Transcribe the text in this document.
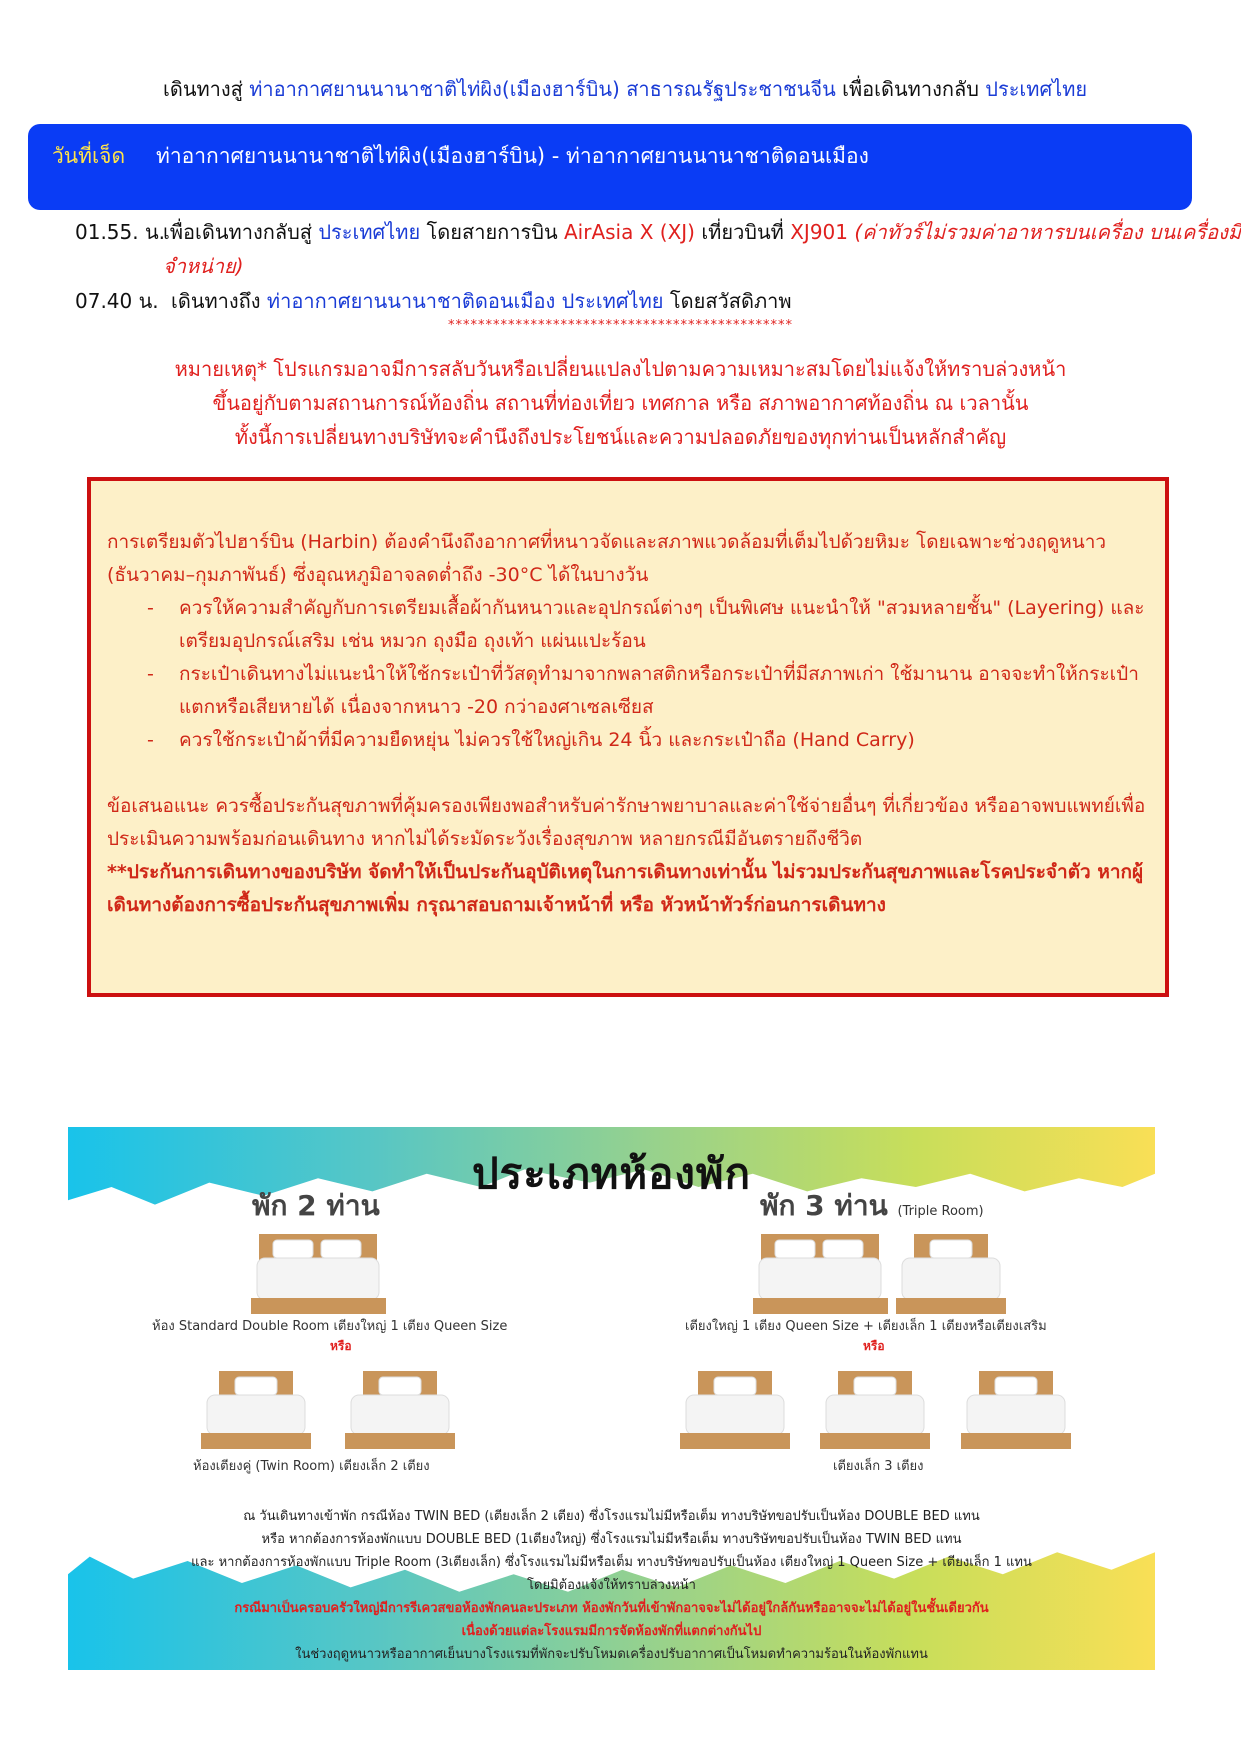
เดินทางสู่ ท่าอากาศยานนานาชาติไท่ผิง(เมืองฮาร์บิน) สาธารณรัฐประชาชนจีน เพื่อเดินทางกลับ ประเทศไทย
วันที่เจ็ด ท่าอากาศยานนานาชาติไท่ผิง(เมืองฮาร์บิน) - ท่าอากาศยานนานาชาติดอนเมือง
01.55. น.
เพื่อเดินทางกลับสู่ ประเทศไทย โดยสายการบิน AirAsia X (XJ) เที่ยวบินที่ XJ901 (ค่าทัวร์ไม่รวมค่าอาหารบนเครื่อง บนเครื่องมีจำหน่าย)
07.40 น. เดินทางถึง ท่าอากาศยานนานาชาติดอนเมือง ประเทศไทย โดยสวัสดิภาพ
**********************************************
หมายเหตุ* โปรแกรมอาจมีการสลับวันหรือเปลี่ยนแปลงไปตามความเหมาะสมโดยไม่แจ้งให้ทราบล่วงหน้า
ขึ้นอยู่กับตามสถานการณ์ท้องถิ่น สถานที่ท่องเที่ยว เทศกาล หรือ สภาพอากาศท้องถิ่น ณ เวลานั้น
ทั้งนี้การเปลี่ยนทางบริษัทจะคำนึงถึงประโยชน์และความปลอดภัยของทุกท่านเป็นหลักสำคัญ
การเตรียมตัวไปฮาร์บิน (Harbin) ต้องคำนึงถึงอากาศที่หนาวจัดและสภาพแวดล้อมที่เต็มไปด้วยหิมะ โดยเฉพาะช่วงฤดูหนาว (ธันวาคม–กุมภาพันธ์) ซึ่งอุณหภูมิอาจลดต่ำถึง -30°C ได้ในบางวัน
- ควรให้ความสำคัญกับการเตรียมเสื้อผ้ากันหนาวและอุปกรณ์ต่างๆ เป็นพิเศษ แนะนำให้ "สวมหลายชั้น" (Layering) และเตรียมอุปกรณ์เสริม เช่น หมวก ถุงมือ ถุงเท้า แผ่นแปะร้อน
- กระเป๋าเดินทางไม่แนะนำให้ใช้กระเป๋าที่วัสดุทำมาจากพลาสติกหรือกระเป๋าที่มีสภาพเก่า ใช้มานาน อาจจะทำให้กระเป๋าแตกหรือเสียหายได้ เนื่องจากหนาว -20 กว่าองศาเซลเซียส
- ควรใช้กระเป๋าผ้าที่มีความยืดหยุ่น ไม่ควรใช้ใหญ่เกิน 24 นิ้ว และกระเป๋าถือ (Hand Carry)
ข้อเสนอแนะ ควรซื้อประกันสุขภาพที่คุ้มครองเพียงพอสำหรับค่ารักษาพยาบาลและค่าใช้จ่ายอื่นๆ ที่เกี่ยวข้อง หรืออาจพบแพทย์เพื่อประเมินความพร้อมก่อนเดินทาง หากไม่ได้ระมัดระวังเรื่องสุขภาพ หลายกรณีมีอันตรายถึงชีวิต
**ประกันการเดินทางของบริษัท จัดทำให้เป็นประกันอุบัติเหตุในการเดินทางเท่านั้น ไม่รวมประกันสุขภาพและโรคประจำตัว หากผู้เดินทางต้องการซื้อประกันสุขภาพเพิ่ม กรุณาสอบถามเจ้าหน้าที่ หรือ หัวหน้าทัวร์ก่อนการเดินทาง
ประเภทห้องพัก
พัก 2 ท่าน	พัก 3 ท่าน (Triple Room)
ห้อง Standard Double Room เตียงใหญ่ 1 เตียง Queen Size
หรือ
ห้องเตียงคู่ (Twin Room) เตียงเล็ก 2 เตียง
เตียงใหญ่ 1 เตียง Queen Size + เตียงเล็ก 1 เตียงหรือเตียงเสริม
หรือ
เตียงเล็ก 3 เตียง
ณ วันเดินทางเข้าพัก กรณีห้อง TWIN BED (เตียงเล็ก 2 เตียง) ซึ่งโรงแรมไม่มีหรือเต็ม ทางบริษัทขอปรับเป็นห้อง DOUBLE BED แทน
หรือ หากต้องการห้องพักแบบ DOUBLE BED (1เตียงใหญ่) ซึ่งโรงแรมไม่มีหรือเต็ม ทางบริษัทขอปรับเป็นห้อง TWIN BED แทน
และ หากต้องการห้องพักแบบ Triple Room (3เตียงเล็ก) ซึ่งโรงแรมไม่มีหรือเต็ม ทางบริษัทขอปรับเป็นห้อง เตียงใหญ่ 1 Queen Size + เตียงเล็ก 1 แทน
โดยมิต้องแจ้งให้ทราบล่วงหน้า
กรณีมาเป็นครอบครัวใหญ่มีการรีเควสขอห้องพักคนละประเภท ห้องพักวันที่เข้าพักอาจจะไม่ได้อยู่ใกล้กันหรืออาจจะไม่ได้อยู่ในชั้นเดียวกัน
เนื่องด้วยแต่ละโรงแรมมีการจัดห้องพักที่แตกต่างกันไป
ในช่วงฤดูหนาวหรืออากาศเย็นบางโรงแรมที่พักจะปรับโหมดเครื่องปรับอากาศเป็นโหมดทำความร้อนในห้องพักแทน
